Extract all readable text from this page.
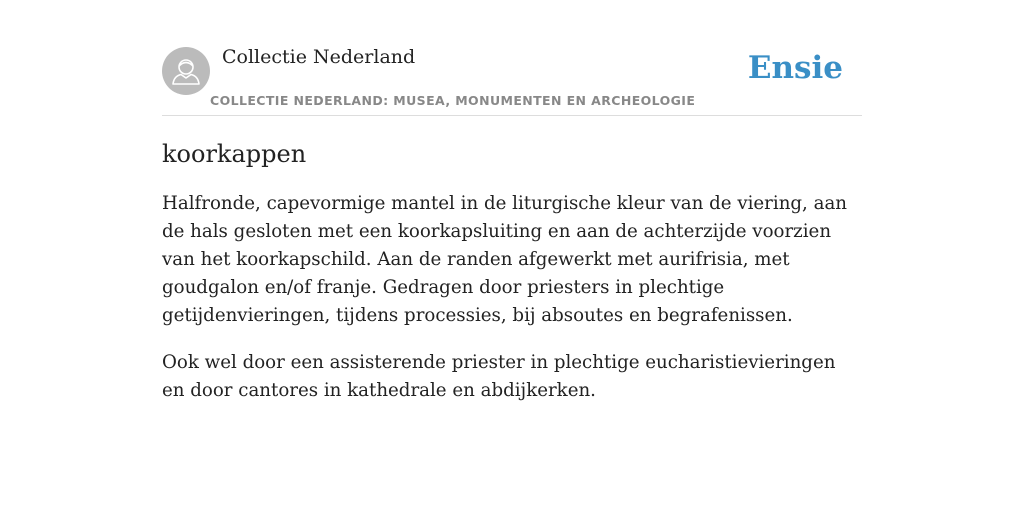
Collectie Nederland
COLLECTIE NEDERLAND: MUSEA, MONUMENTEN EN ARCHEOLOGIE
Ensie
koorkappen

Halfronde, capevormige mantel in de liturgische kleur van de viering, aan de hals gesloten met een koorkapsluiting en aan de achterzijde voorzien van het koorkapschild. Aan de randen afgewerkt met aurifrisia, met goudgalon en/of franje. Gedragen door priesters in plechtige getijdenvieringen, tijdens processies, bij absoutes en begrafenissen.

Ook wel door een assisterende priester in plechtige eucharistievieringen en door cantores in kathedrale en abdijkerken.
